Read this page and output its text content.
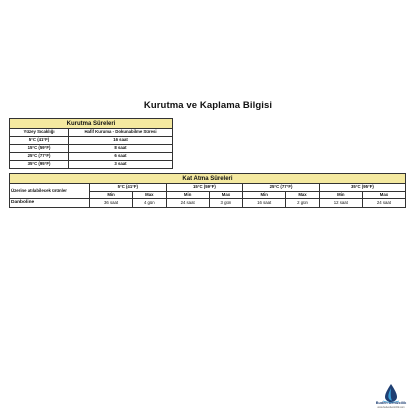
Kurutma ve Kaplama Bilgisi
Kurutma Süreleri	
Yüzey Sıcaklığı	Hafif Kuruma - Dokunabilme Süresi
5°C (41°F)	16 saat
15°C (59°F)	8 saat
25°C (77°F)	6 saat
35°C (95°F)	3 saat
Kat Atma Süreleri								
Üzerine atılabilecek ürünler	5°C (41°F)		15°C (59°F)		25°C (77°F)		35°C (95°F)	
	Min	Max	Min	Max	Min	Max	Min	Max
Danboline	36 saat	4 gün	24 saat	3 gün	16 saat	2 gün	12 saat	24 saat
Buden Denizcilik
www.budendenizcilik.com
